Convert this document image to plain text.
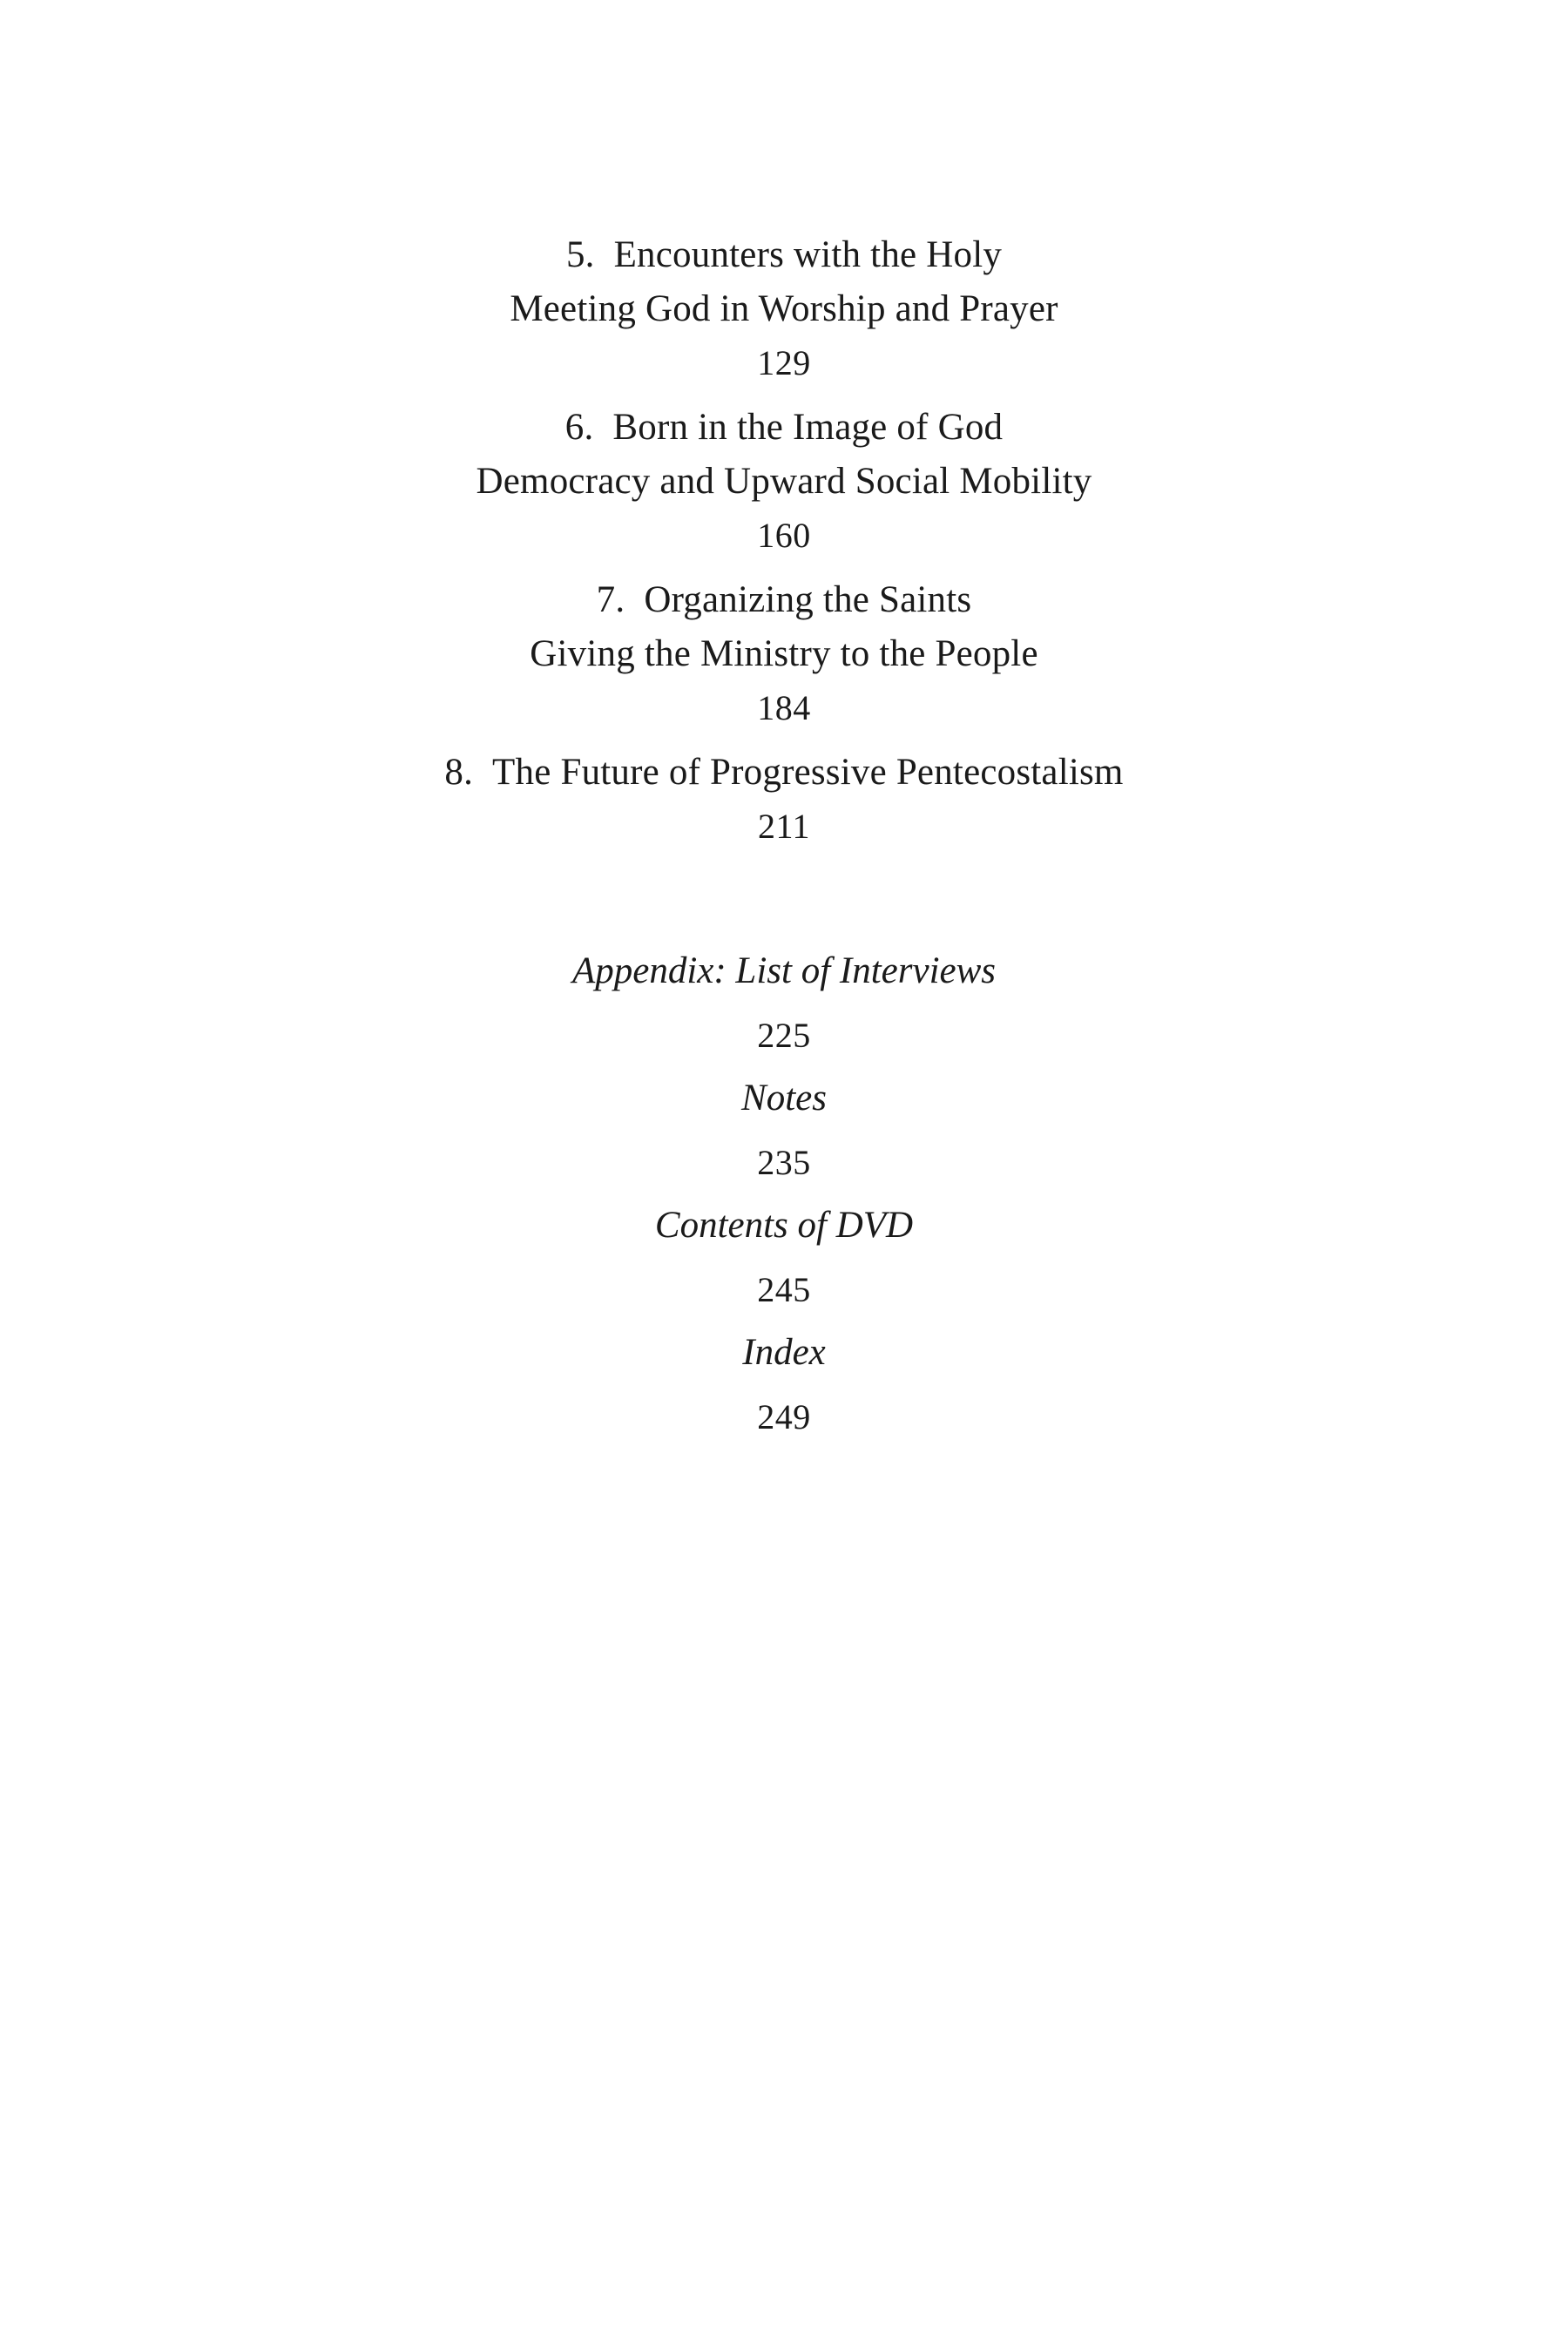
5. Encounters with the Holy
Meeting God in Worship and Prayer
129
6. Born in the Image of God
Democracy and Upward Social Mobility
160
7. Organizing the Saints
Giving the Ministry to the People
184
8. The Future of Progressive Pentecostalism
211
Appendix: List of Interviews
225
Notes
235
Contents of DVD
245
Index
249
